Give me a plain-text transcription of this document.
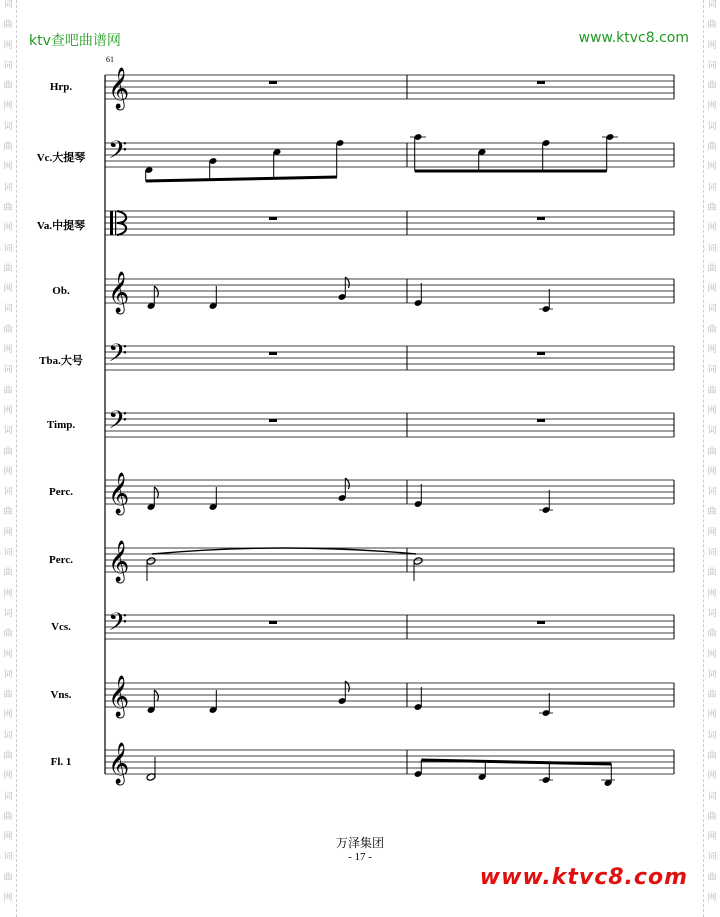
词
曲
网
词
曲
网
词
曲
网
词
曲
网
词
曲
网
词
曲
网
词
曲
网
词
曲
网
词
曲
网
词
曲
网
词
曲
网
词
曲
网
词
曲
网
词
曲
网
词
曲
网
词
曲
网
词
曲
网
词
曲
网
词
曲
网
词
曲
网
词
曲
网
词
曲
网
词
曲
网
词
曲
网
词
曲
网
词
曲
网
词
曲
网
词
曲
网
词
曲
网
词
曲
网
ktv查吧曲谱网	www.ktvc8.com
61
𝄞
𝄢
𝄞
𝄢
𝄢
𝄞
𝄞
𝄢
𝄞
𝄞
Hrp.
Vc.大提琴
Va.中提琴
Ob.
Tba.大号
Timp.
Perc.
Perc.
Vcs.
Vns.
Fl. 1
万泽集团
- 17 -
www.ktvc8.com
